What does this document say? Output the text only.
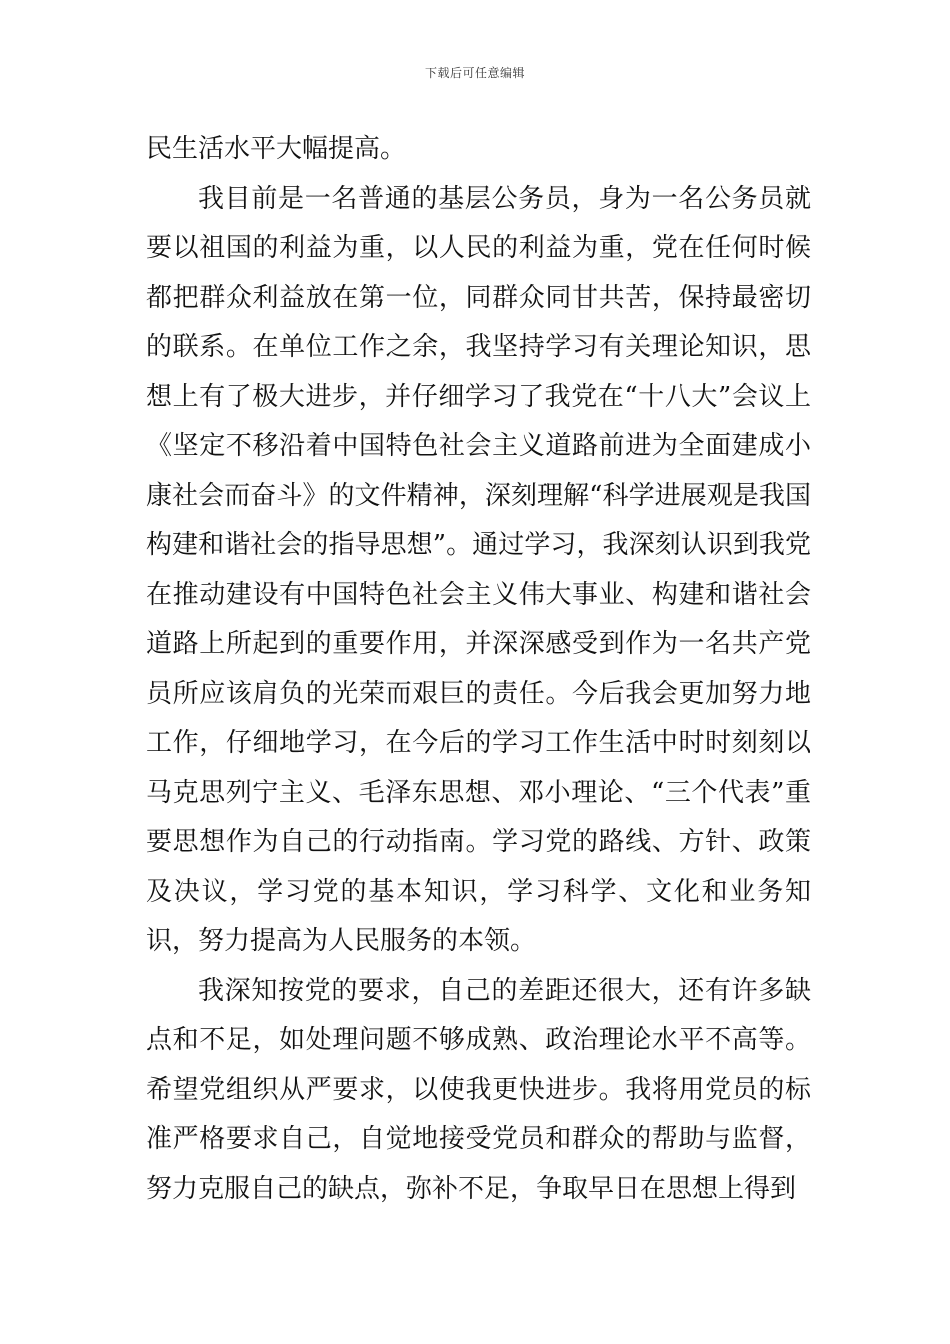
下载后可任意编辑

民生活水平大幅提高。

我目前是一名普通的基层公务员，身为一名公务员就要以祖国的利益为重，以人民的利益为重，党在任何时候都把群众利益放在第一位，同群众同甘共苦，保持最密切的联系。在单位工作之余，我坚持学习有关理论知识，思想上有了极大进步，并仔细学习了我党在“十八大”会议上《坚定不移沿着中国特色社会主义道路前进为全面建成小康社会而奋斗》的文件精神，深刻理解“科学进展观是我国构建和谐社会的指导思想”。通过学习，我深刻认识到我党在推动建设有中国特色社会主义伟大事业、构建和谐社会道路上所起到的重要作用，并深深感受到作为一名共产党员所应该肩负的光荣而艰巨的责任。今后我会更加努力地工作，仔细地学习，在今后的学习工作生活中时时刻刻以马克思列宁主义、毛泽东思想、邓小理论、“三个代表”重要思想作为自己的行动指南。学习党的路线、方针、政策及决议，学习党的基本知识，学习科学、文化和业务知识，努力提高为人民服务的本领。

我深知按党的要求，自己的差距还很大，还有许多缺点和不足，如处理问题不够成熟、政治理论水平不高等。希望党组织从严要求，以使我更快进步。我将用党员的标准严格要求自己，自觉地接受党员和群众的帮助与监督，努力克服自己的缺点，弥补不足，争取早日在思想上得到
